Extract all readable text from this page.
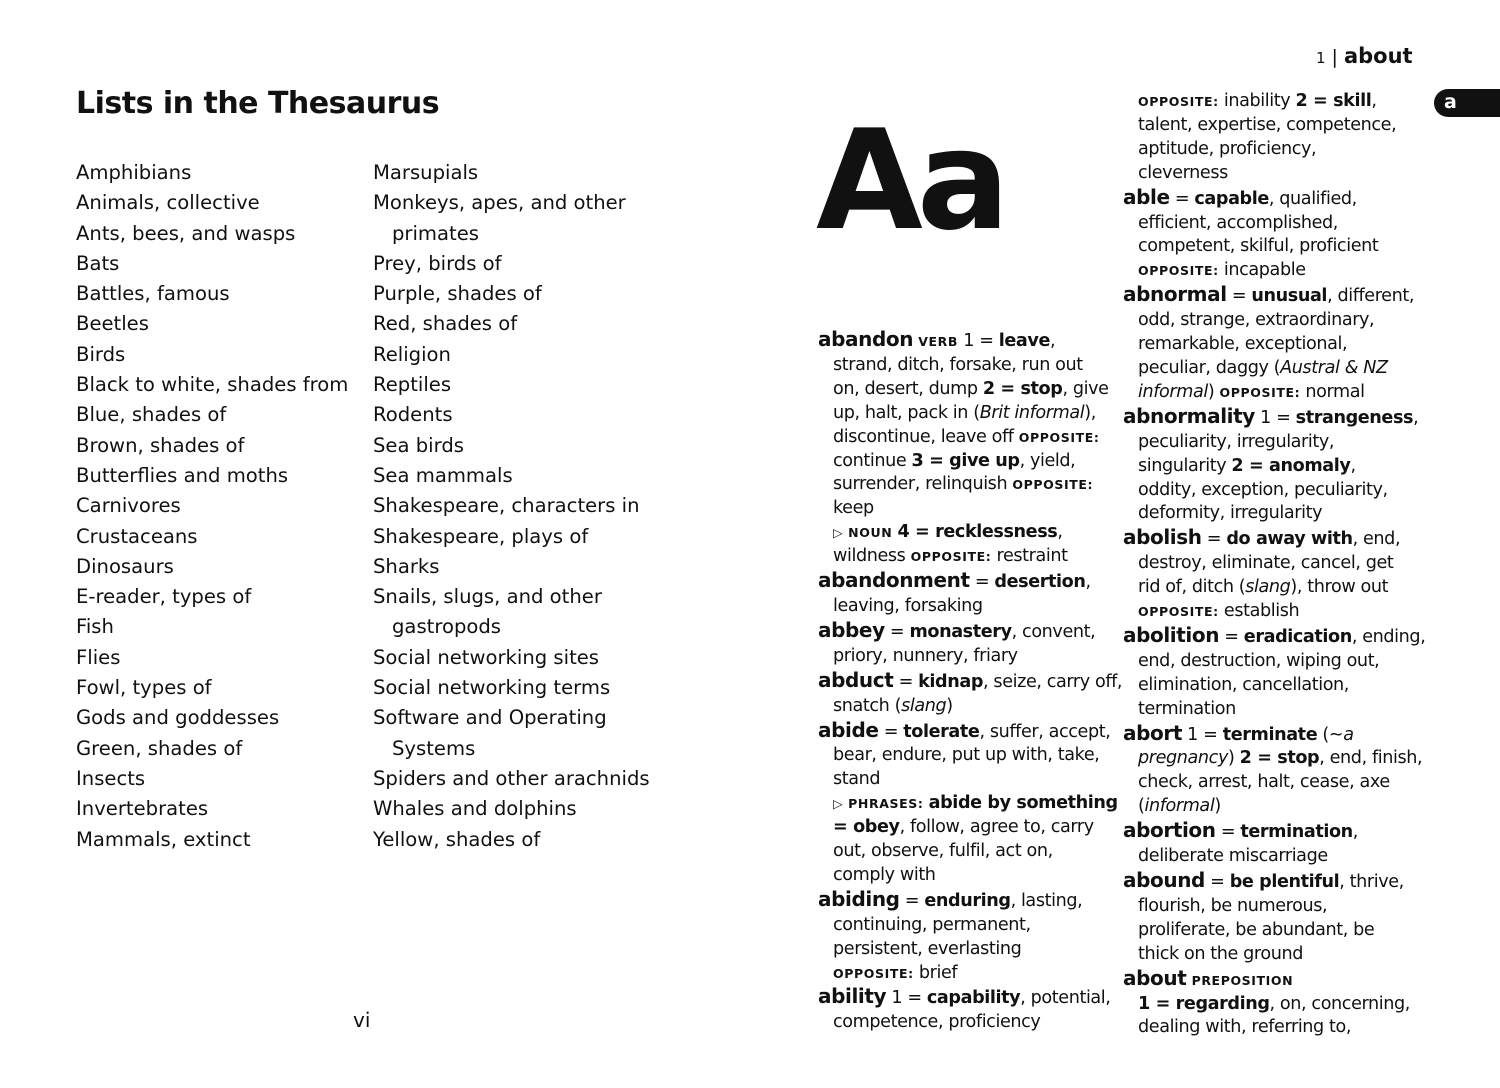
Lists in the Thesaurus
Amphibians
Animals, collective
Ants, bees, and wasps
Bats
Battles, famous
Beetles
Birds
Black to white, shades from
Blue, shades of
Brown, shades of
Butterflies and moths
Carnivores
Crustaceans
Dinosaurs
E-reader, types of
Fish
Flies
Fowl, types of
Gods and goddesses
Green, shades of
Insects
Invertebrates
Mammals, extinct
Marsupials
Monkeys, apes, and other
primates
Prey, birds of
Purple, shades of
Red, shades of
Religion
Reptiles
Rodents
Sea birds
Sea mammals
Shakespeare, characters in
Shakespeare, plays of
Sharks
Snails, slugs, and other
gastropods
Social networking sites
Social networking terms
Software and Operating
Systems
Spiders and other arachnids
Whales and dolphins
Yellow, shades of
vi
1 | about
a
Aa
abandon VERB 1 = leave,
strand, ditch, forsake, run out
on, desert, dump 2 = stop, give
up, halt, pack in (Brit informal),
discontinue, leave off OPPOSITE:
continue 3 = give up, yield,
surrender, relinquish OPPOSITE:
keep
▷ NOUN 4 = recklessness,
wildness OPPOSITE: restraint
abandonment = desertion,
leaving, forsaking
abbey = monastery, convent,
priory, nunnery, friary
abduct = kidnap, seize, carry off,
snatch (slang)
abide = tolerate, suffer, accept,
bear, endure, put up with, take,
stand
▷ PHRASES: abide by something
= obey, follow, agree to, carry
out, observe, fulfil, act on,
comply with
abiding = enduring, lasting,
continuing, permanent,
persistent, everlasting
OPPOSITE: brief
ability 1 = capability, potential,
competence, proficiency
OPPOSITE: inability 2 = skill,
talent, expertise, competence,
aptitude, proficiency,
cleverness
able = capable, qualified,
efficient, accomplished,
competent, skilful, proficient
OPPOSITE: incapable
abnormal = unusual, different,
odd, strange, extraordinary,
remarkable, exceptional,
peculiar, daggy (Austral & NZ
informal) OPPOSITE: normal
abnormality 1 = strangeness,
peculiarity, irregularity,
singularity 2 = anomaly,
oddity, exception, peculiarity,
deformity, irregularity
abolish = do away with, end,
destroy, eliminate, cancel, get
rid of, ditch (slang), throw out
OPPOSITE: establish
abolition = eradication, ending,
end, destruction, wiping out,
elimination, cancellation,
termination
abort 1 = terminate (~a
pregnancy) 2 = stop, end, finish,
check, arrest, halt, cease, axe
(informal)
abortion = termination,
deliberate miscarriage
abound = be plentiful, thrive,
flourish, be numerous,
proliferate, be abundant, be
thick on the ground
about PREPOSITION
1 = regarding, on, concerning,
dealing with, referring to,
